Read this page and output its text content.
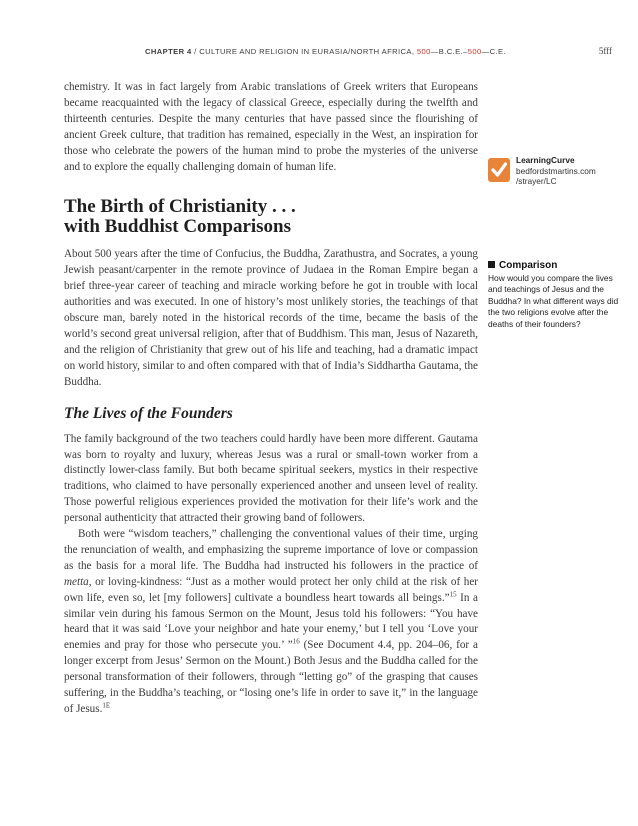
CHAPTER 4 / CULTURE AND RELIGION IN EURASIA/NORTH AFRICA, 500—B.C.E.–500—C.E.	5fff

chemistry. It was in fact largely from Arabic translations of Greek writers that Europeans became reacquainted with the legacy of classical Greece, especially during the twelfth and thirteenth centuries. Despite the many centuries that have passed since the flourishing of ancient Greek culture, that tradition has remained, especially in the West, an inspiration for those who celebrate the powers of the human mind to probe the mysteries of the universe and to explore the equally challenging domain of human life.

The Birth of Christianity . . .
with Buddhist Comparisons

About 500 years after the time of Confucius, the Buddha, Zarathustra, and Socrates, a young Jewish peasant/carpenter in the remote province of Judaea in the Roman Empire began a brief three-year career of teaching and miracle working before he got in trouble with local authorities and was executed. In one of history’s most unlikely stories, the teachings of that obscure man, barely noted in the historical records of the time, became the basis of the world’s second great universal religion, after that of Buddhism. This man, Jesus of Nazareth, and the religion of Christianity that grew out of his life and teaching, had a dramatic impact on world history, similar to and often compared with that of India’s Siddhartha Gautama, the Buddha.

The Lives of the Founders

The family background of the two teachers could hardly have been more different. Gautama was born to royalty and luxury, whereas Jesus was a rural or small-town worker from a distinctly lower-class family. But both became spiritual seekers, mystics in their respective traditions, who claimed to have personally experienced another and unseen level of reality. Those powerful religious experiences provided the motivation for their life’s work and the personal authenticity that attracted their growing band of followers.

Both were “wisdom teachers,” challenging the conventional values of their time, urging the renunciation of wealth, and emphasizing the supreme importance of love or compassion as the basis for a moral life. The Buddha had instructed his followers in the practice of metta, or loving-kindness: “Just as a mother would protect her only child at the risk of her own life, even so, let [my followers] cultivate a boundless heart towards all beings.”$^{15}$ In a similar vein during his famous Sermon on the Mount, Jesus told his followers: “You have heard that it was said ‘Love your neighbor and hate your enemy,’ but I tell you ‘Love your enemies and pray for those who persecute you.’ ”$^{16}$ (See Document 4.4, pp. 204–06, for a longer excerpt from Jesus’ Sermon on the Mount.) Both Jesus and the Buddha called for the personal transformation of their followers, through “letting go” of the grasping that causes suffering, in the Buddha’s teaching, or “losing one’s life in order to save it,” in the language of Jesus.$^{1E}$

LearningCurve
bedfordstmartins.com
/strayer/LC
Comparison
How would you compare the lives and teachings of Jesus and the Buddha? In what different ways did the two religions evolve after the deaths of their founders?
